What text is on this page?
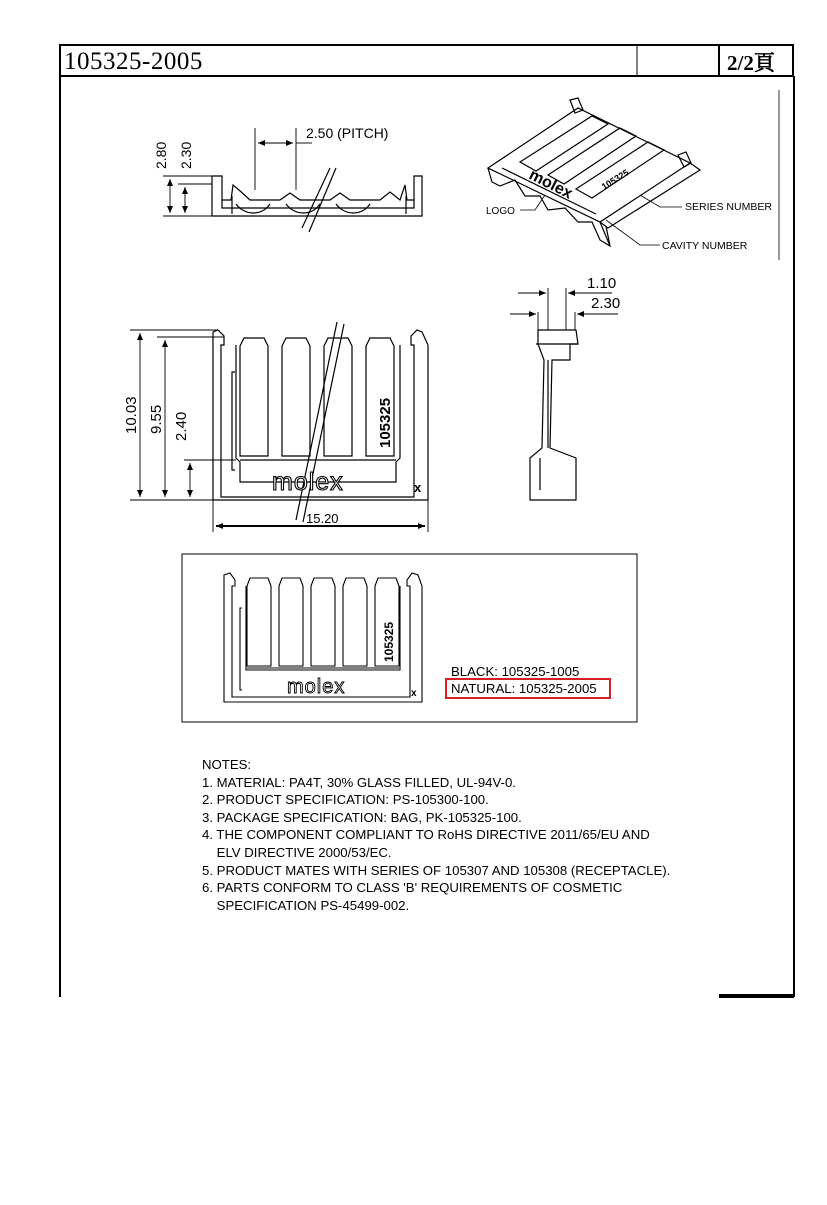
2.50 (PITCH)
2.80 2.30
molex	105325
LOGO	SERIES NUMBER
CAVITY NUMBER
molex
105325
x
10.03 9.55 2.40
15.20
1.10
2.30
molex
105325
x
105325-2005	2/2頁
BLACK: 105325-1005
NATURAL: 105325-2005
NOTES:
1. MATERIAL: PA4T, 30% GLASS FILLED, UL-94V-0.
2. PRODUCT SPECIFICATION: PS-105300-100.
3. PACKAGE SPECIFICATION: BAG, PK-105325-100.
4. THE COMPONENT COMPLIANT TO RoHS DIRECTIVE 2011/65/EU AND
ELV DIRECTIVE 2000/53/EC.
5. PRODUCT MATES WITH SERIES OF 105307 AND 105308 (RECEPTACLE).
6. PARTS CONFORM TO CLASS 'B' REQUIREMENTS OF COSMETIC
SPECIFICATION PS-45499-002.
